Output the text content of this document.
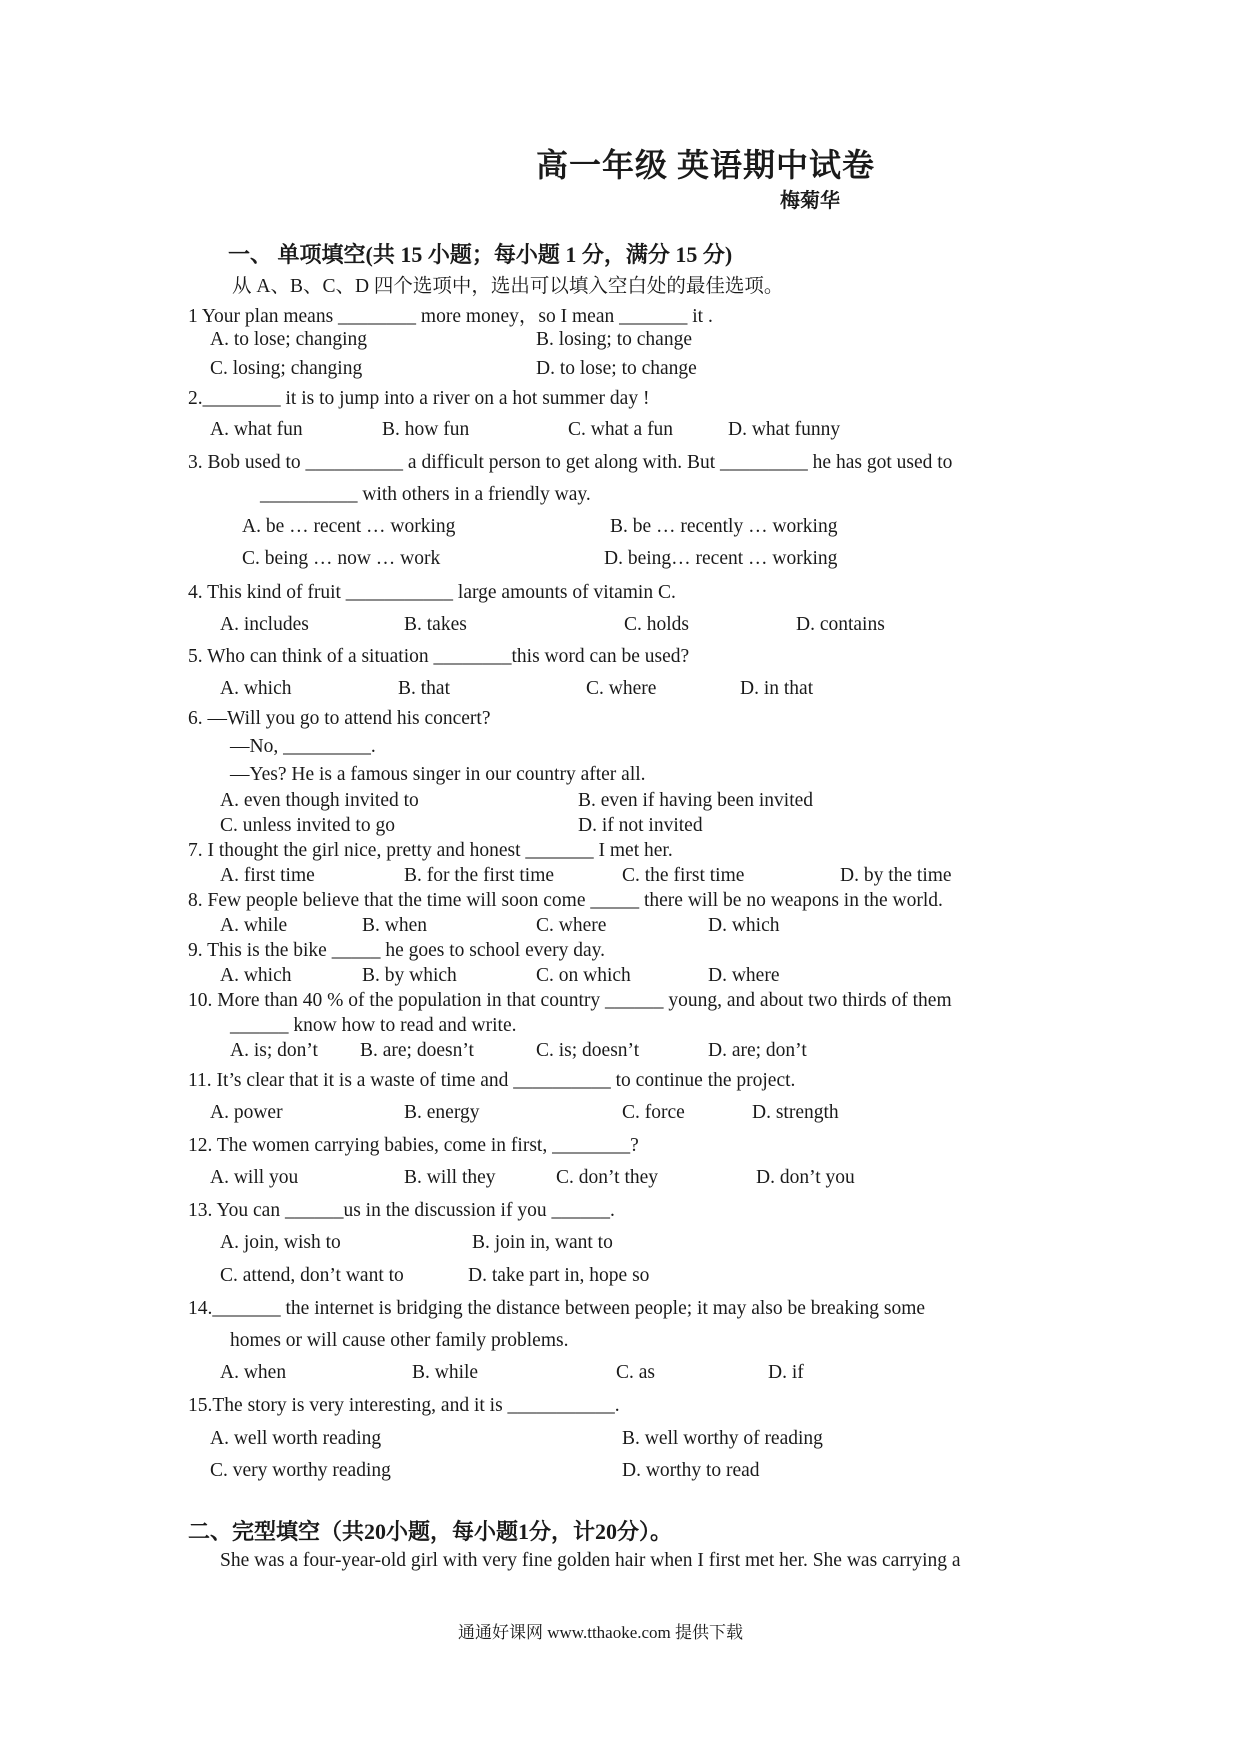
高一年级 英语期中试卷
梅菊华
一、 单项填空(共 15 小题；每小题 1 分，满分 15 分)
从 A、B、C、D 四个选项中，选出可以填入空白处的最佳选项。
1 Your plan means ________ more money，so I mean _______ it .
A. to lose; changing	B. losing; to change
C. losing; changing	D. to lose; to change
2.________ it is to jump into a river on a hot summer day !
A. what fun	B. how fun	C. what a fun	D. what funny
3. Bob used to __________ a difficult person to get along with. But _________ he has got used to
__________ with others in a friendly way.
A. be … recent … working	B. be … recently … working
C. being … now … work	D. being… recent … working
4. This kind of fruit ___________ large amounts of vitamin C.
A. includes	B. takes	C. holds	D. contains
5. Who can think of a situation ________this word can be used?
A. which	B. that	C. where	D. in that
6. —Will you go to attend his concert?
—No, _________.
—Yes? He is a famous singer in our country after all.
A. even though invited to	B. even if having been invited
C. unless invited to go	D. if not invited
7. I thought the girl nice, pretty and honest _______ I met her.
A. first time	B. for the first time	C. the first time	D. by the time
8. Few people believe that the time will soon come _____ there will be no weapons in the world.
A. while	B. when	C. where	D. which
9. This is the bike _____ he goes to school every day.
A. which	B. by which	C. on which	D. where
10. More than 40 % of the population in that country ______ young, and about two thirds of them
______ know how to read and write.
A. is; don’t B. are; doesn’t	C. is; doesn’t	D. are; don’t
11. It’s clear that it is a waste of time and __________ to continue the project.
A. power	B. energy	C. force	D. strength
12. The women carrying babies, come in first, ________?
A. will you	B. will they	C. don’t they	D. don’t you
13. You can ______us in the discussion if you ______.
A. join, wish to	B. join in, want to
C. attend, don’t want to	D. take part in, hope so
14._______ the internet is bridging the distance between people; it may also be breaking some
homes or will cause other family problems.
A. when	B. while	C. as	D. if
15.The story is very interesting, and it is ___________.
A. well worth reading	B. well worthy of reading
C. very worthy reading	D. worthy to read
二、完型填空（共20小题，每小题1分，计20分）。
She was a four-year-old girl with very fine golden hair when I first met her. She was carrying a
通通好课网 www.tthaoke.com 提供下载
